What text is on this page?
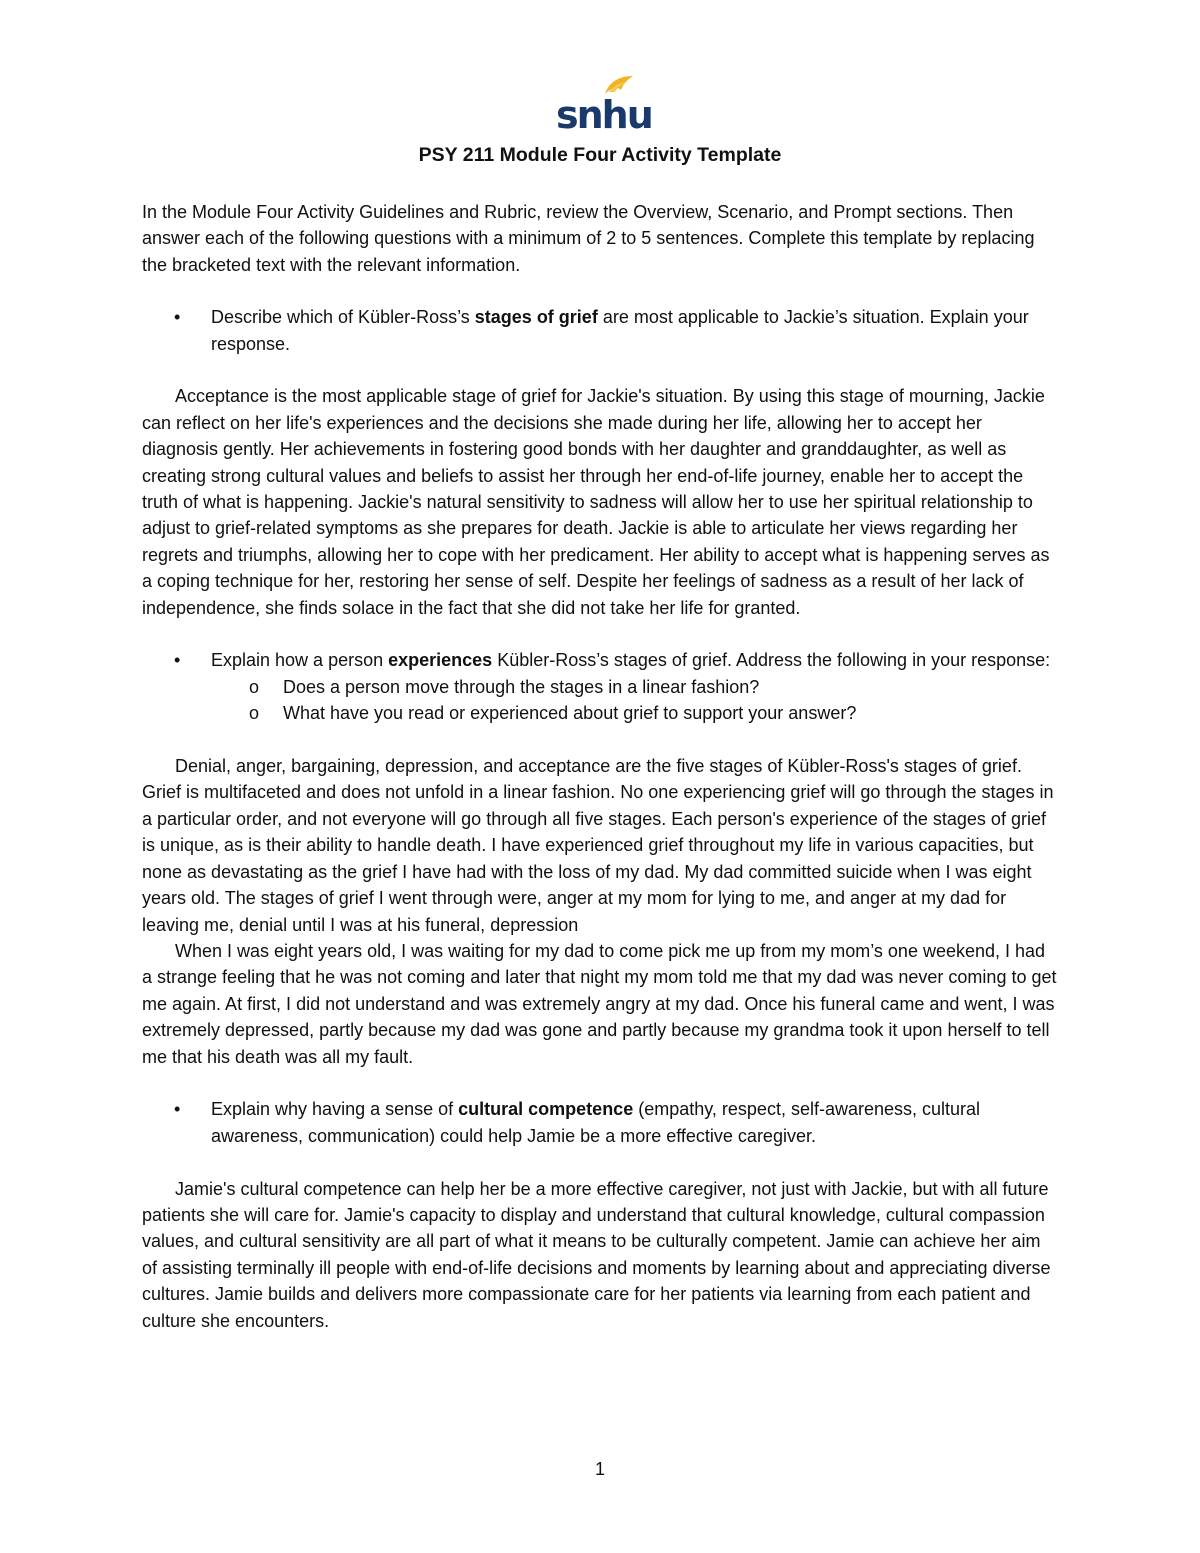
snhu
PSY 211 Module Four Activity Template

In the Module Four Activity Guidelines and Rubric, review the Overview, Scenario, and Prompt sections. Then answer each of the following questions with a minimum of 2 to 5 sentences. Complete this template by replacing the bracketed text with the relevant information.

• Describe which of Kübler-Ross’s stages of grief are most applicable to Jackie’s situation. Explain your response.

Acceptance is the most applicable stage of grief for Jackie's situation. By using this stage of mourning, Jackie can reflect on her life's experiences and the decisions she made during her life, allowing her to accept her diagnosis gently. Her achievements in fostering good bonds with her daughter and granddaughter, as well as creating strong cultural values and beliefs to assist her through her end-of-life journey, enable her to accept the truth of what is happening. Jackie's natural sensitivity to sadness will allow her to use her spiritual relationship to adjust to grief-related symptoms as she prepares for death. Jackie is able to articulate her views regarding her regrets and triumphs, allowing her to cope with her predicament. Her ability to accept what is happening serves as a coping technique for her, restoring her sense of self. Despite her feelings of sadness as a result of her lack of independence, she finds solace in the fact that she did not take her life for granted.

• Explain how a person experiences Kübler-Ross’s stages of grief. Address the following in your response:
o Does a person move through the stages in a linear fashion?
o What have you read or experienced about grief to support your answer?

Denial, anger, bargaining, depression, and acceptance are the five stages of Kübler-Ross's stages of grief. Grief is multifaceted and does not unfold in a linear fashion. No one experiencing grief will go through the stages in a particular order, and not everyone will go through all five stages. Each person's experience of the stages of grief is unique, as is their ability to handle death. I have experienced grief throughout my life in various capacities, but none as devastating as the grief I have had with the loss of my dad. My dad committed suicide when I was eight years old. The stages of grief I went through were, anger at my mom for lying to me, and anger at my dad for leaving me, denial until I was at his funeral, depression

When I was eight years old, I was waiting for my dad to come pick me up from my mom’s one weekend, I had a strange feeling that he was not coming and later that night my mom told me that my dad was never coming to get me again. At first, I did not understand and was extremely angry at my dad. Once his funeral came and went, I was extremely depressed, partly because my dad was gone and partly because my grandma took it upon herself to tell me that his death was all my fault.

• Explain why having a sense of cultural competence (empathy, respect, self-awareness, cultural awareness, communication) could help Jamie be a more effective caregiver.

Jamie's cultural competence can help her be a more effective caregiver, not just with Jackie, but with all future patients she will care for. Jamie's capacity to display and understand that cultural knowledge, cultural compassion values, and cultural sensitivity are all part of what it means to be culturally competent. Jamie can achieve her aim of assisting terminally ill people with end-of-life decisions and moments by learning about and appreciating diverse cultures. Jamie builds and delivers more compassionate care for her patients via learning from each patient and culture she encounters.

1
